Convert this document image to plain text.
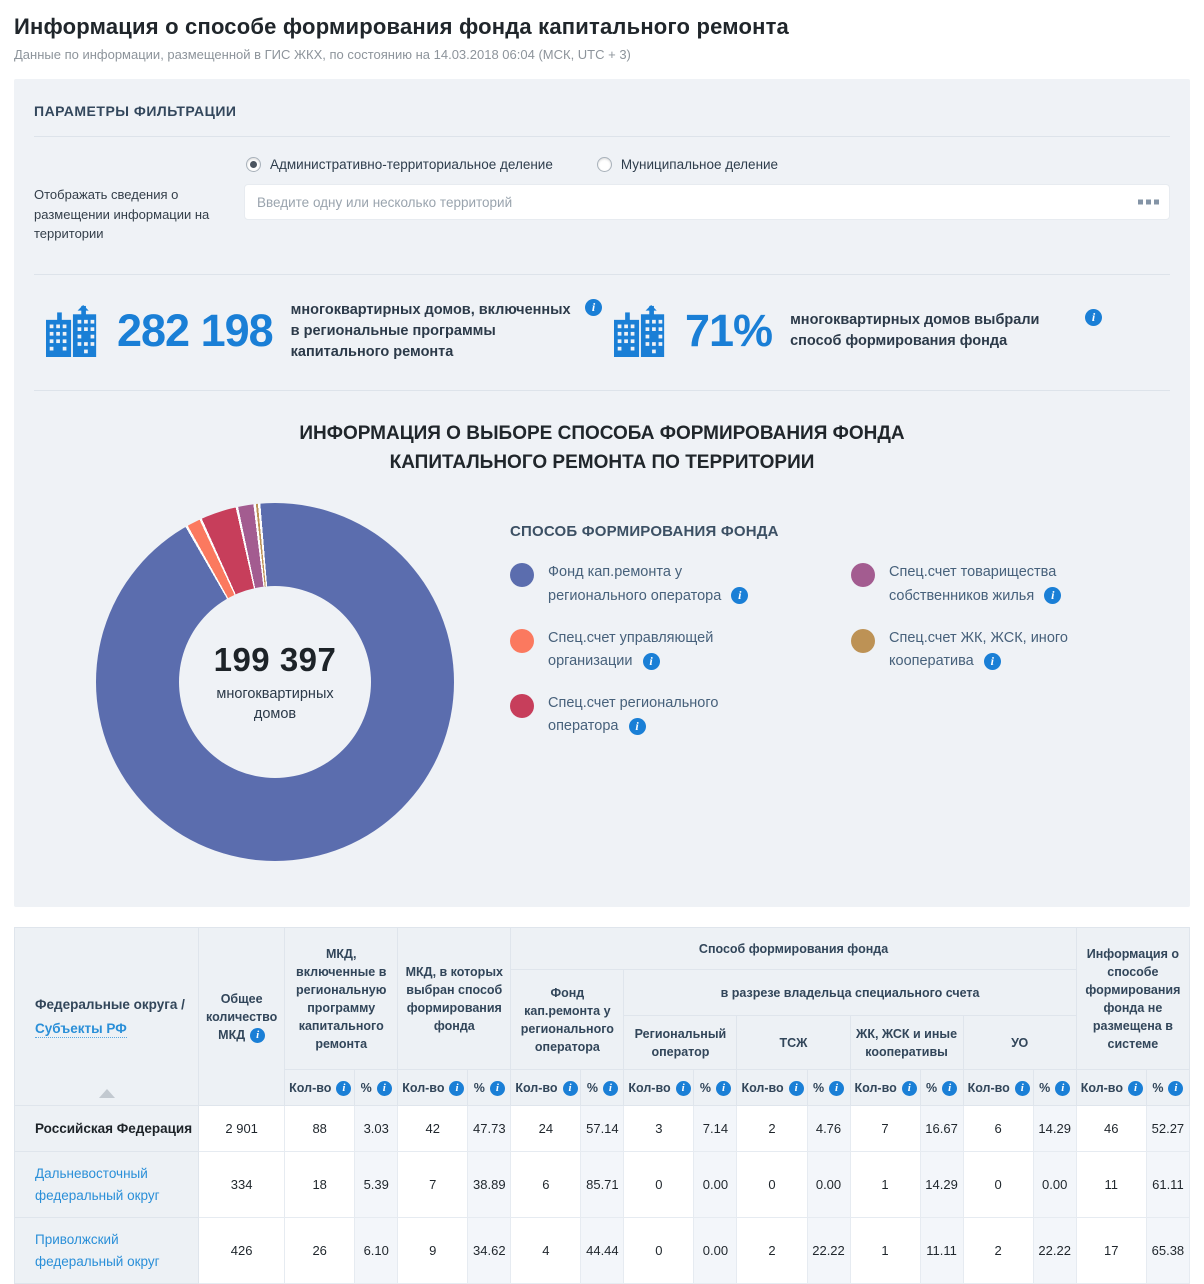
Информация о способе формирования фонда капитального ремонта
Данные по информации, размещенной в ГИС ЖКХ, по состоянию на 14.03.2018 06:04 (МСК, UTC + 3)
ПАРАМЕТРЫ ФИЛЬТРАЦИИ
Отображать сведения о размещении информации на территории
Административно-территориальное деление	Муниципальное деление
Введите одну или несколько территорий
282 198 многоквартирных домов, включенных в региональные программы капитального ремонта
i 71% многоквартирных домов выбрали способ формирования фонда
i
ИНФОРМАЦИЯ О ВЫБОРЕ СПОСОБА ФОРМИРОВАНИЯ ФОНДА
КАПИТАЛЬНОГО РЕМОНТА ПО ТЕРРИТОРИИ
199 397
многоквартирных
домов
СПОСОБ ФОРМИРОВАНИЯ ФОНДА
Фонд кап.ремонта у регионального оператора i
Спец.счет управляющей организации i
Спец.счет регионального оператора i
Спец.счет товарищества собственников жилья i
Спец.счет ЖК, ЖСК, иного кооператива i
Федеральные округа /
Субъекты РФ	Общее количество МКД i	МКД, включенные в региональную программу капитального ремонта		МКД, в которых выбран способ формирования фонда		Способ формирования фонда										Информация о способе формирования фонда не размещена в системе	
						Фонд кап.ремонта у регионального оператора		в разрезе владельца специального счета									
								Региональный оператор		ТСЖ		ЖК, ЖСК и иные кооперативы		УО			
		Кол-во i	% i	Кол-во i	% i	Кол-во i	% i	Кол-во i	% i	Кол-во i	% i	Кол-во i	% i	Кол-во i	% i	Кол-во i	% i
Российская Федерация	2 901	88	3.03	42	47.73	24	57.14	3	7.14	2	4.76	7	16.67	6	14.29	46	52.27
Дальневосточный федеральный округ	334	18	5.39	7	38.89	6	85.71	0	0.00	0	0.00	1	14.29	0	0.00	11	61.11
Приволжский федеральный округ	426	26	6.10	9	34.62	4	44.44	0	0.00	2	22.22	1	11.11	2	22.22	17	65.38
